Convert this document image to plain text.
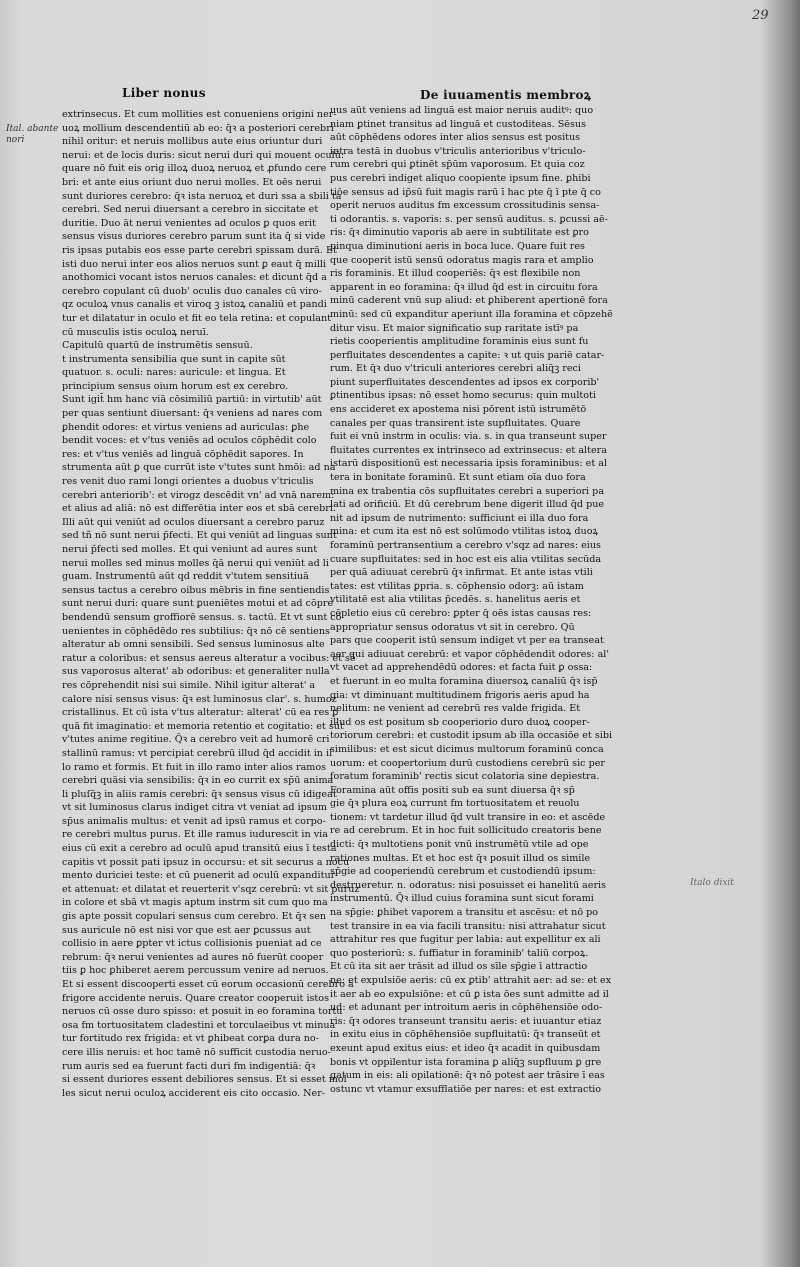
29
Liber nonus	De iuuamentis membroꝝ
Ital. abante nori
Italo dixit
extrinsecus. Et cum mollities est conueniens origini ner-
uoꝝ mollium descendentiū ab eo: q̄ꝛ a posteriori cerebri
nihil oritur: et neruis mollibus aute eius oriuntur duri
nerui: et de locis duris: sicut nerui duri qui mouent oculū:
quare nō fuit eis orig illoꝝ duoꝝ neruoꝝ et ꝓfundo cere
bri: et ante eius oriunt duo nerui molles. Et oēs nerui
sunt duriores cerebro: q̄ꝛ ista neruoꝝ et duri ssa a sbili ta
cerebri. Sed nerui diuersant a cerebro in siccitate et
duritie. Duo āt nerui venientes ad oculos ꝑ quos erit
sensus visus duriores cerebro parum sunt ita q̄ si vide
ris ipsas putabis eos esse parte cerebri spissam durā. Et
isti duo nerui inter eos alios neruos sunt ꝑ eaut q̄ milli
anothomici vocant istos neruos canales: et dicunt q̄d a
cerebro copulant cū duob' oculis duo canales cū viro-
qz oculoꝝ vnus canalis et viroq ꝫ istoꝝ canaliū et pandi
tur et dilatatur in oculo et fit eo tela retina: et copulant
cū musculis istis oculoꝝ neruī.
Capitulū quartū de instrumētis sensuū.
t instrumenta sensibilia que sunt in capite sūt
quatuor. s. oculi: nares: auricule: et lingua. Et
principium sensus oium horum est ex cerebro.
Sunt igit̄ hm hanc viā cōsimiliū partiū: in virtutib' aūt
per quas sentiunt diuersant: q̄ꝛ veniens ad nares com
ꝑhendit odores: et virtus veniens ad auriculas: ꝑhe
bendit voces: et v'tus veniēs ad oculos cōphēdit colo
res: et v'tus veniēs ad linguā cōphēdit sapores. In
strumenta aūt ꝑ que currūt iste v'tutes sunt hmōi: ad na
res venit duo rami longi orientes a duobus v'triculis
cerebri anteriorib': et virogz descēdit vn' ad vnā narem:
et alius ad aliā: nō est differētia inter eos et sbā cerebri.
Illi aūt qui veniūt ad oculos diuersant a cerebro paruz
sed tñ nō sunt nerui p̄fecti. Et qui veniūt ad linguas sunt
nerui p̄fecti sed molles. Et qui veniunt ad aures sunt
nerui molles sed minus molles q̄ā nerui qui veniūt ad li
guam. Instrumentū aūt qd reddit v'tutem sensitiuā
sensus tactus a cerebro oibus mēbris in fine sentiendis
sunt nerui duri: quare sunt ꝑueniētes motui et ad cōpre
bendendū sensum groffiorē sensus. s. tactū. Et vt sunt cō
uenientes in cōphēdēdo res subtilius: q̄ꝛ nō cē sentiens
alteratur ab omni sensibili. Sed sensus luminosus alte
ratur a coloribus: et sensus aereus alteratur a vocibus: et sē
sus vaporosus alterat' ab odoribus: et generaliter nulla
res cōprehendit nisi sui simile. Nihil igitur alterat' a
calore nisi sensus visus: q̄ꝛ est luminosus clar'. s. humoz
cristallinus. Et cū ista v'tus alteratur: alterat' cū ea res ꝑ
quā fit imaginatio: et memoria retentio et cogitatio: et sūt
v'tutes anime regitiue. Q̄ꝛ a cerebro veit ad humorē cri
stallinū ramus: vt percipiat cerebrū illud q̄d accidit in il
lo ramo et formis. Et fuit in illo ramo inter alios ramos
cerebri quāsi via sensibilis: q̄ꝛ in eo currit ex sp̄ū anima
li pluſq̄ꝫ in aliis ramis cerebri: q̄ꝛ sensus visus cū idigeat
vt sit luminosus clarus indiget citra vt veniat ad ipsum
sp̄us animalis multus: et venit ad ipsū ramus et corpo-
re cerebri multus purus. Et ille ramus iudurescit in via
eius cū exit a cerebro ad oculū apud transitū eius ī testa
capitis vt possit pati ipsuz in occursu: et sit securus a nocu
mento duriciei teste: et cū puenerit ad oculū expanditur
et attenuat: et dilatat et reuerterit v'sqz cerebrū: vt sit puruz
in colore et sbā vt magis aptum instrm sit cum quo ma
gis apte possit copulari sensus cum cerebro. Et q̄ꝛ sen
sus auricule nō est nisi vor que est aer ꝑcussus aut
collisio in aere ꝑpter vt ictus collisionis pueniat ad ce
rebrum: q̄ꝛ nerui venientes ad aures nō fuerūt cooper
tiis ꝑ hoc ꝑhiberet aerem percussum venire ad neruos.
Et si essent discooperti esset cū eorum occasionū cerebro a
frigore accidente neruis. Quare creator cooperuit istos
neruos cū osse duro spisso: et posuit in eo foramina tortu
osa fm tortuositatem cladestini et torculaeibus vt minua
tur fortitudo rex frigida: et vt ꝑhibeat corꝑa dura no-
cere illis neruis: et hoc tamē nō sufficit custodia neruo-
rum auris sed ea fuerunt facti duri fm indigentiā: q̄ꝛ
si essent duriores essent debiliores sensus. Et si esset mol
les sicut nerui oculoꝝ acciderent eis cito occasio. Ner-
uus aūt veniens ad linguā est maior neruis auditꝰ: quo
niam ꝑtinet transitus ad linguā et custoditeas. Sēsus
aūt cōphēdens odores inter alios sensus est positus
intra testā in duobus v'triculis anterioribus v'triculo-
rum cerebri qui ꝑtinēt sp̄ūm vaporosum. Et quia coz
pus cerebri indiget aliquo coopiente ipsum fine. ꝑhibi
tiōe sensus ad ip̄sū fuit magis rarū ī hac pte q̄ ī pte q̄ co
operit neruos auditus fm excessum crossitudinis sensa-
ti odorantis. s. vaporis: s. per sensū auditus. s. ꝑcussi aē-
ris: q̄ꝛ diminutio vaporis ab aere in subtilitate est ꝑro
pinqua diminutioni aeris in boca luce. Quare fuit res
que cooperit istū sensū odoratus magis rara et amplio
ris foraminis. Et illud cooperiēs: q̄ꝛ est flexibile non
apparent in eo foramina: q̄ꝛ illud q̄d est in circuitu fora
minū caderent vnū sup aliud: et ꝑhiberent apertionē fora
minū: sed cū expanditur aperiunt illa foramina et cōpzehē
ditur visu. Et maior significatio sup raritate istīꝰ pa
rietis cooperientis amplitudine foraminis eius sunt fu
perfluitates descendentes a capite: ꝛ ut quis pariē catar-
rum. Et q̄ꝛ duo v'triculi anteriores cerebri aliq̄ꝫ reci
piunt superfluitates descendentes ad ipsos ex corporib'
ꝑtinentibus ipsas: nō esset homo securus: quin multoti
ens accideret ex apostema nisi pōrent istū istrumētō
canales per quas transirent iste supfluitates. Quare
fuit ei vnū instrm in oculis: via. s. in qua transeunt super
fluitates currentes ex intrinseco ad extrinsecus: et altera
istarū dispositionū est necessaria ipsis foraminibus: et al
tera in bonitate foraminū. Et sunt etiam oīa duo fora
mina ex trabentia cōs supfluitates cerebri a superiori pa
lati ad orificiū. Et dū cerebrum bene digerit illud q̄d pue
nit ad ipsum de nutrimento: sufficiunt ei illa duo fora
mina: et cum ita est nō est solūmodo vtilitas istoꝝ duoꝝ
foraminū pertransentium a cerebro v'sqz ad nares: eius
cuare supfluitates: sed in hoc est eis alia vtilitas secūda
per quā adiuuat cerebrū q̄ꝛ infirmat. Et ante istas vtili
tates: est vtilitas ꝑpria. s. cōphensio odorꝫ: aū istam
vtilitatē est alia vtilitas p̄cedēs. s. hanelitus aeris et
cōpletio eius cū cerebro: ꝑpter q̄ oēs istas causas res:
appropriatur sensus odoratus vt sit in cerebro. Qū
pars que cooperit istū sensum indiget vt per ea transeat
aer qui adiuuat cerebrū: et vapor cōphēdendit odores: al'
vt vacet ad apprehendēdū odores: et facta fuit ꝑ ossa:
et fuerunt in eo multa foramina diuersoꝝ canaliū q̄ꝛ isp̄
gia: vt diminuant multitudinem frigoris aeris apud ha
nelitum: ne venient ad cerebrū res valde frigida. Et
illud os est positum sb cooperiorio duro duoꝝ cooper-
toriorum cerebri: et custodit ipsum ab illa occasiōe et sibi
similibus: et est sicut dicimus multorum foraminū conca
uorum: et coopertorium durū custodiens cerebrū sic per
foratum foraminib' rectis sicut colatoria sine depiestra.
Foramina aūt offis positi sub ea sunt diuersa q̄ꝛ sp̄
gie q̄ꝛ plura eoꝝ currunt fm tortuositatem et reuolu
tionem: vt tardetur illud q̄d vult transire in eo: et ascēde
re ad cerebrum. Et in hoc fuit sollicitudo creatoris bene
dicti: q̄ꝛ multotiens ponit vnū instrumētū vtile ad ope
rationes multas. Et et hoc est q̄ꝛ posuit illud os simile
sp̄gie ad cooperiendū cerebrum et custodiendū ipsum:
destrueretur. n. odoratus: nisi posuisset ei hanelitū aeris
instrumentū. Q̄ꝛ illud cuius foramina sunt sicut forami
na sp̄gie: ꝑhibet vaporem a transitu et ascēsu: et nō po
test transire in ea via facili transitu: nisi attrahatur sicut
attrahitur res que fugitur per labia: aut expellitur ex ali
quo posteriorū: s. fuffiatur in foraminib' taliū corpoꝝ.
Et cū ita sit aer trāsit ad illud os sīle sp̄gie ī attractio
ne: et expulsiōe aeris: cū ex ꝑtib' attrahit aer: ad se: et ex
it aer ab eo expulsiōne: et cū ꝑ ista ōes sunt admitte ad il
ud: et adunant per introitum aeris in cōphēhensiōe odo-
ris: q̄ꝛ odores transeunt transitu aeris: et iuuantur etiaz
in exitu eius in cōphēhensiōe supfluitatū: q̄ꝛ transeūt et
exeunt apud exitus eius: et ideo q̄ꝛ acadit in quibusdam
bonis vt oppilentur ista foramina ꝑ aliq̄ꝫ supfluum ꝑ gre
gatum in eis: ali opilationē: q̄ꝛ nō potest aer trāsire ī eas
ostunc vt vtamur exsufflatiōe per nares: et est extractio
